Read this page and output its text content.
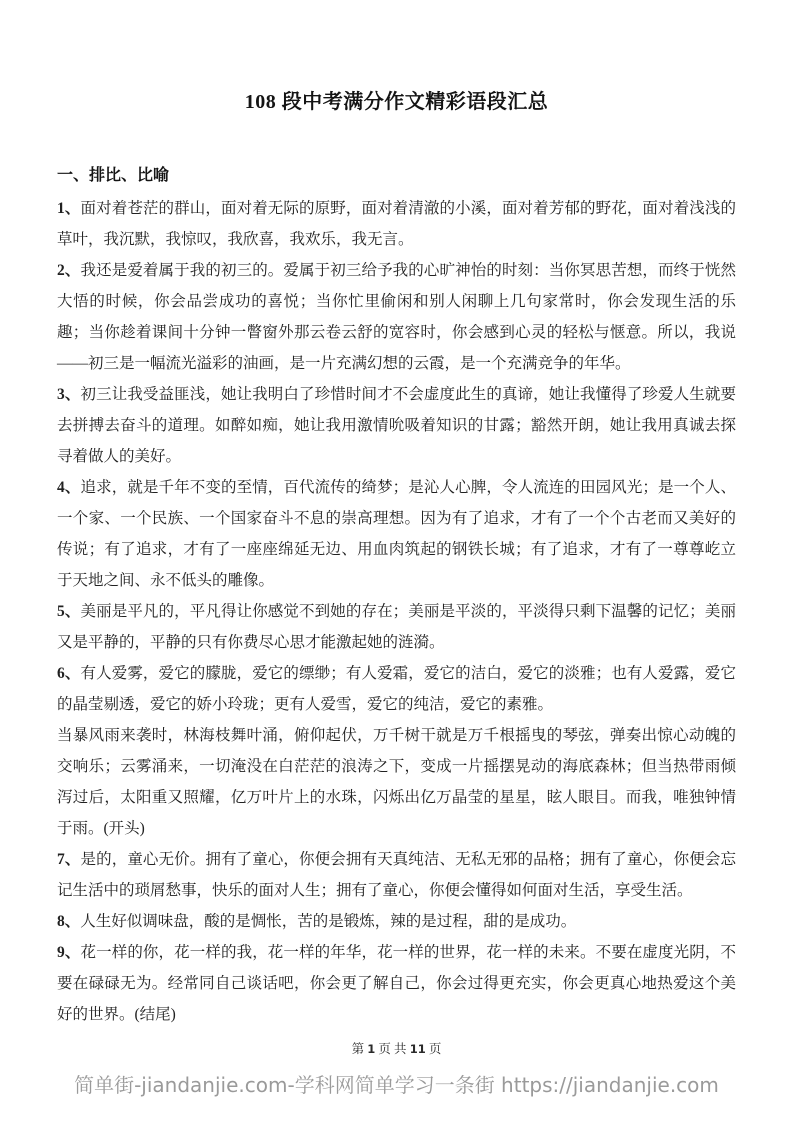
108 段中考满分作文精彩语段汇总
一、排比、比喻

1、面对着苍茫的群山，面对着无际的原野，面对着清澈的小溪，面对着芳郁的野花，面对着浅浅的草叶，我沉默，我惊叹，我欣喜，我欢乐，我无言。

2、我还是爱着属于我的初三的。爱属于初三给予我的心旷神怡的时刻：当你冥思苦想，而终于恍然大悟的时候，你会品尝成功的喜悦；当你忙里偷闲和别人闲聊上几句家常时，你会发现生活的乐趣；当你趁着课间十分钟一瞥窗外那云卷云舒的宽容时，你会感到心灵的轻松与惬意。所以，我说——初三是一幅流光溢彩的油画，是一片充满幻想的云霞，是一个充满竞争的年华。

3、初三让我受益匪浅，她让我明白了珍惜时间才不会虚度此生的真谛，她让我懂得了珍爱人生就要去拼搏去奋斗的道理。如醉如痴，她让我用激情吮吸着知识的甘露；豁然开朗，她让我用真诚去探寻着做人的美好。

4、追求，就是千年不变的至情，百代流传的绮梦；是沁人心脾，令人流连的田园风光；是一个人、一个家、一个民族、一个国家奋斗不息的崇高理想。因为有了追求，才有了一个个古老而又美好的传说；有了追求，才有了一座座绵延无边、用血肉筑起的钢铁长城；有了追求，才有了一尊尊屹立于天地之间、永不低头的雕像。

5、美丽是平凡的，平凡得让你感觉不到她的存在；美丽是平淡的，平淡得只剩下温馨的记忆；美丽又是平静的，平静的只有你费尽心思才能激起她的涟漪。

6、有人爱雾，爱它的朦胧，爱它的缥缈；有人爱霜，爱它的洁白，爱它的淡雅；也有人爱露，爱它的晶莹剔透，爱它的娇小玲珑；更有人爱雪，爱它的纯洁，爱它的素雅。

当暴风雨来袭时，林海枝舞叶涌，俯仰起伏，万千树干就是万千根摇曳的琴弦，弹奏出惊心动魄的交响乐；云雾涌来，一切淹没在白茫茫的浪涛之下，变成一片摇摆晃动的海底森林；但当热带雨倾泻过后，太阳重又照耀，亿万叶片上的水珠，闪烁出亿万晶莹的星星，眩人眼目。而我，唯独钟情于雨。(开头)

7、是的，童心无价。拥有了童心，你便会拥有天真纯洁、无私无邪的品格；拥有了童心，你便会忘记生活中的琐屑愁事，快乐的面对人生；拥有了童心，你便会懂得如何面对生活，享受生活。

8、人生好似调味盘，酸的是惆怅，苦的是锻炼，辣的是过程，甜的是成功。

9、花一样的你，花一样的我，花一样的年华，花一样的世界，花一样的未来。不要在虚度光阴，不要在碌碌无为。经常同自己谈话吧，你会更了解自己，你会过得更充实，你会更真心地热爱这个美好的世界。(结尾)

第 1 页 共 11 页
简单街-jiandanjie.com-学科网简单学习一条街 https://jiandanjie.com
